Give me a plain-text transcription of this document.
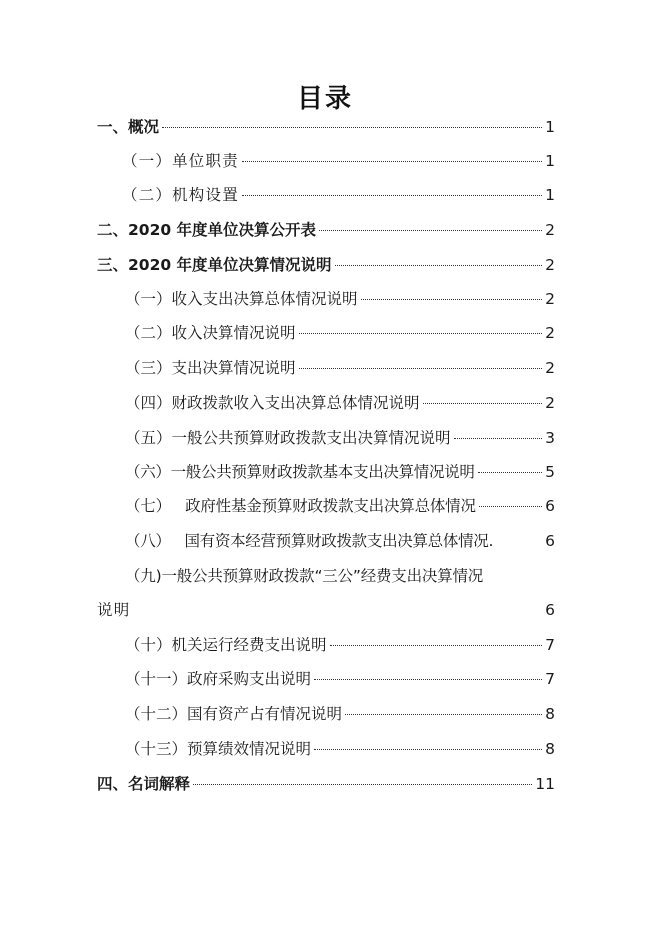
目录
一、概况	1
（一）单位职责	1
（二）机构设置	1
二、2020 年度单位决算公开表	2
三、2020 年度单位决算情况说明	2
（一）收入支出决算总体情况说明	2
（二）收入决算情况说明	2
（三）支出决算情况说明	2
（四）财政拨款收入支出决算总体情况说明	2
（五）一般公共预算财政拨款支出决算情况说明	3
（六）一般公共预算财政拨款基本支出决算情况说明	5
（七）   政府性基金预算财政拨款支出决算总体情况	6
（八）   国有资本经营预算财政拨款支出决算总体情况.	6
（九)一般公共预算财政拨款“三公”经费支出决算情况
说明	6
（十）机关运行经费支出说明	7
（十一）政府采购支出说明	7
（十二）国有资产占有情况说明	8
（十三）预算绩效情况说明	8
四、名词解释	11
